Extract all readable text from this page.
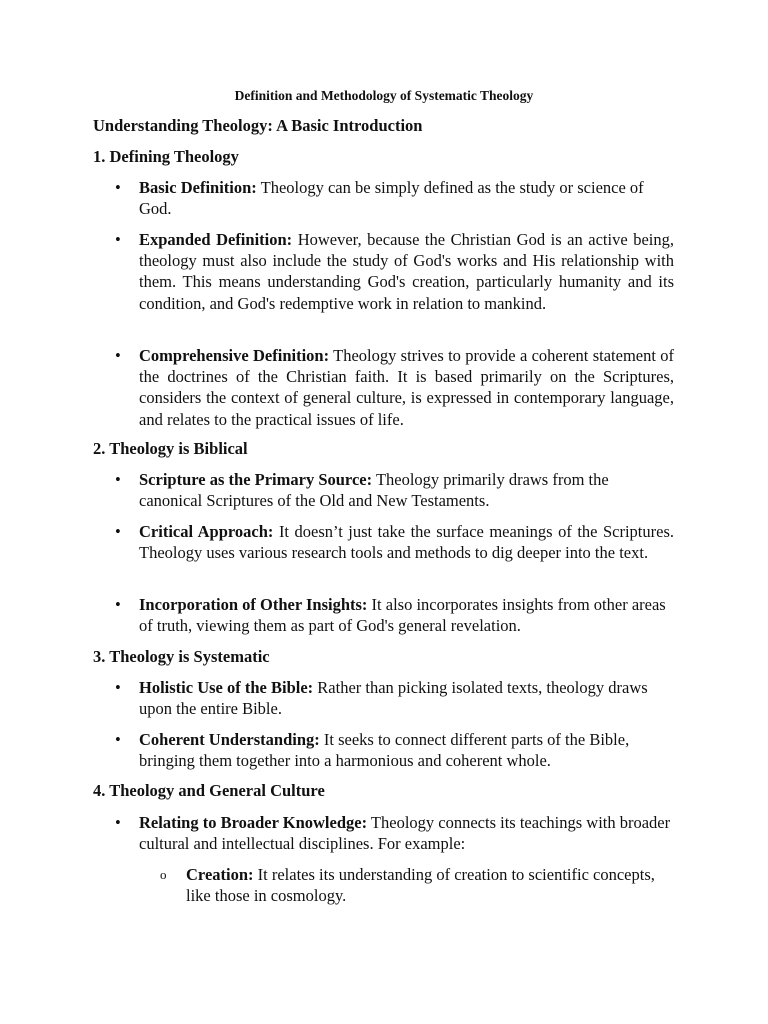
Definition and Methodology of Systematic Theology
Understanding Theology: A Basic Introduction
1. Defining Theology
• Basic Definition: Theology can be simply defined as the study or science of God.
• Expanded Definition: However, because the Christian God is an active being, theology must also include the study of God's works and His relationship with them. This means understanding God's creation, particularly humanity and its condition, and God's redemptive work in relation to mankind.
• Comprehensive Definition: Theology strives to provide a coherent statement of the doctrines of the Christian faith. It is based primarily on the Scriptures, considers the context of general culture, is expressed in contemporary language, and relates to the practical issues of life.
2. Theology is Biblical
• Scripture as the Primary Source: Theology primarily draws from the canonical Scriptures of the Old and New Testaments.
• Critical Approach: It doesn’t just take the surface meanings of the Scriptures. Theology uses various research tools and methods to dig deeper into the text.
• Incorporation of Other Insights: It also incorporates insights from other areas of truth, viewing them as part of God's general revelation.
3. Theology is Systematic
• Holistic Use of the Bible: Rather than picking isolated texts, theology draws upon the entire Bible.
• Coherent Understanding: It seeks to connect different parts of the Bible, bringing them together into a harmonious and coherent whole.
4. Theology and General Culture
• Relating to Broader Knowledge: Theology connects its teachings with broader cultural and intellectual disciplines. For example:
o Creation: It relates its understanding of creation to scientific concepts, like those in cosmology.
